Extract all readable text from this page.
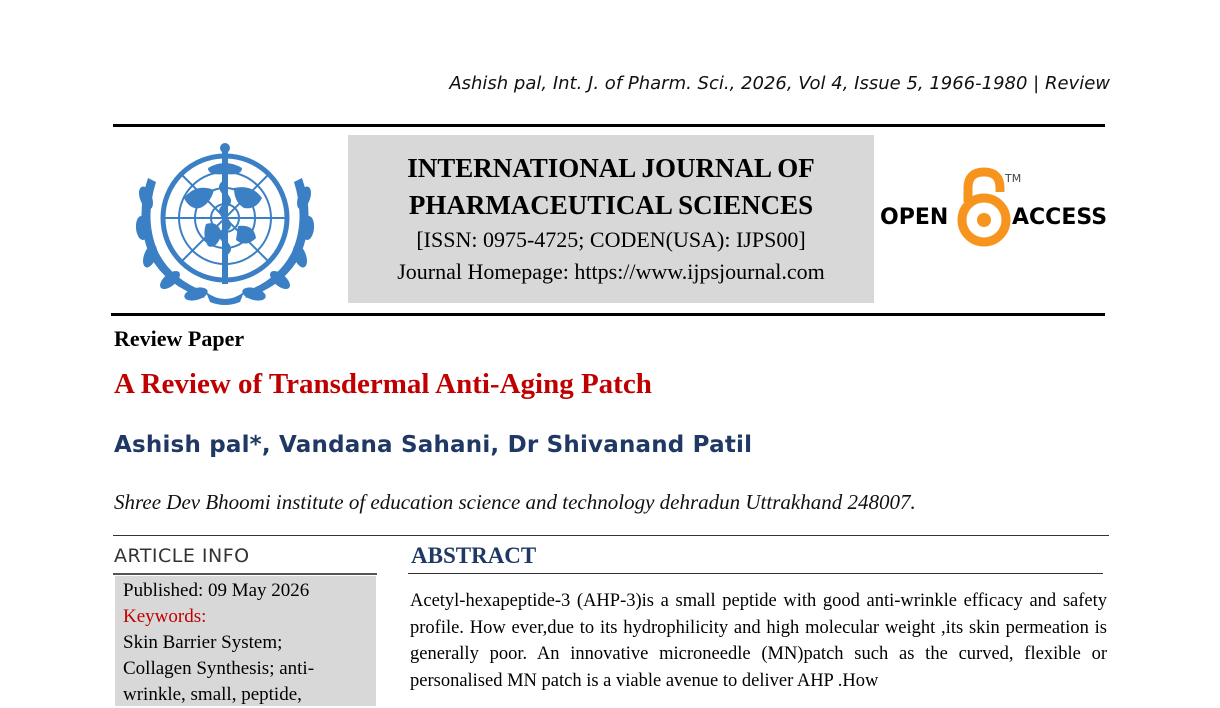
Ashish pal, Int. J. of Pharm. Sci., 2026, Vol 4, Issue 5, 1966-1980 | Review
INTERNATIONAL JOURNAL OF
PHARMACEUTICAL SCIENCES
[ISSN: 0975-4725; CODEN(USA): IJPS00]
Journal Homepage: https://www.ijpsjournal.com
OPEN
TM
ACCESS
Review Paper
A Review of Transdermal Anti-Aging Patch
Ashish pal*, Vandana Sahani, Dr Shivanand Patil
Shree Dev Bhoomi institute of education science and technology dehradun Uttrakhand 248007.
ARTICLE INFO
Published: 09 May 2026
Keywords:
Skin Barrier System;
Collagen Synthesis; anti-
wrinkle, small, peptide,
ABSTRACT
Acetyl-hexapeptide-3 (AHP-3)is a small peptide with good anti-wrinkle efficacy and safety profile. How ever,due to its hydrophilicity and high molecular weight ,its skin permeation is generally poor. An innovative microneedle (MN)patch such as the curved, flexible or personalised MN patch is a viable avenue to deliver AHP .How
